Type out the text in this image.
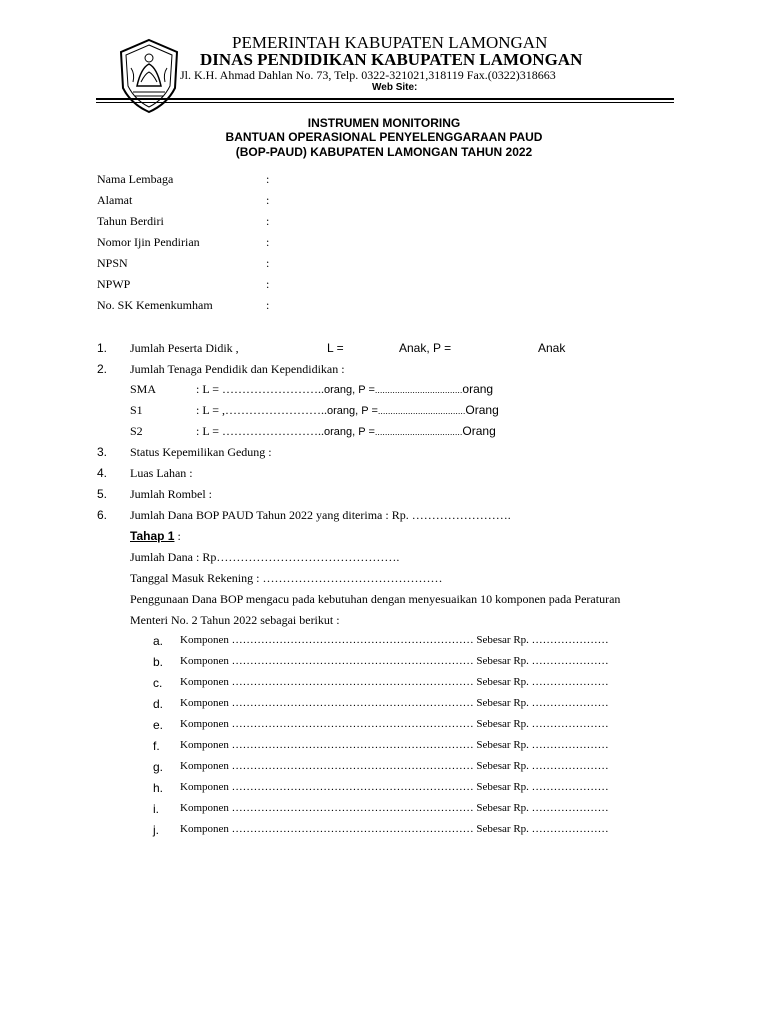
PEMERINTAH KABUPATEN LAMONGAN
DINAS PENDIDIKAN KABUPATEN LAMONGAN
Jl. K.H. Ahmad Dahlan No. 73, Telp. 0322-321021,318119 Fax.(0322)318663
Web Site:
INSTRUMEN MONITORING
BANTUAN OPERASIONAL PENYELENGGARAAN PAUD
(BOP-PAUD) KABUPATEN LAMONGAN TAHUN 2022
Nama Lembaga	:
Alamat	:
Tahun Berdiri	:
Nomor Ijin Pendirian	:
NPSN	:
NPWP	:
No. SK Kemenkumham	:
1. Jumlah Peserta Didik ,	L =	Anak, P =	Anak
2. Jumlah Tenaga Pendidik dan Kependidikan :
SMA	: L = ……………………..orang, P =...................................orang
S1	: L = ,……………………..orang, P =...................................Orang
S2	: L = ……………………..orang, P =...................................Orang
3. Status Kepemilikan Gedung :
4. Luas Lahan :
5. Jumlah Rombel :
6. Jumlah Dana BOP PAUD Tahun 2022 yang diterima : Rp. …………………….
Tahap 1 :
Jumlah Dana : Rp……………………………………….
Tanggal Masuk Rekening : ………………………………………
Penggunaan Dana BOP mengacu pada kebutuhan dengan menyesuaikan 10 komponen pada Peraturan
Menteri No. 2 Tahun 2022 sebagai berikut :
a. Komponen ………………………………………………………… Sebesar Rp. …………………
b. Komponen ………………………………………………………… Sebesar Rp. …………………
c. Komponen ………………………………………………………… Sebesar Rp. …………………
d. Komponen ………………………………………………………… Sebesar Rp. …………………
e. Komponen ………………………………………………………… Sebesar Rp. …………………
f. Komponen ………………………………………………………… Sebesar Rp. …………………
g. Komponen ………………………………………………………… Sebesar Rp. …………………
h. Komponen ………………………………………………………… Sebesar Rp. …………………
i. Komponen ………………………………………………………… Sebesar Rp. …………………
j. Komponen ………………………………………………………… Sebesar Rp. …………………
